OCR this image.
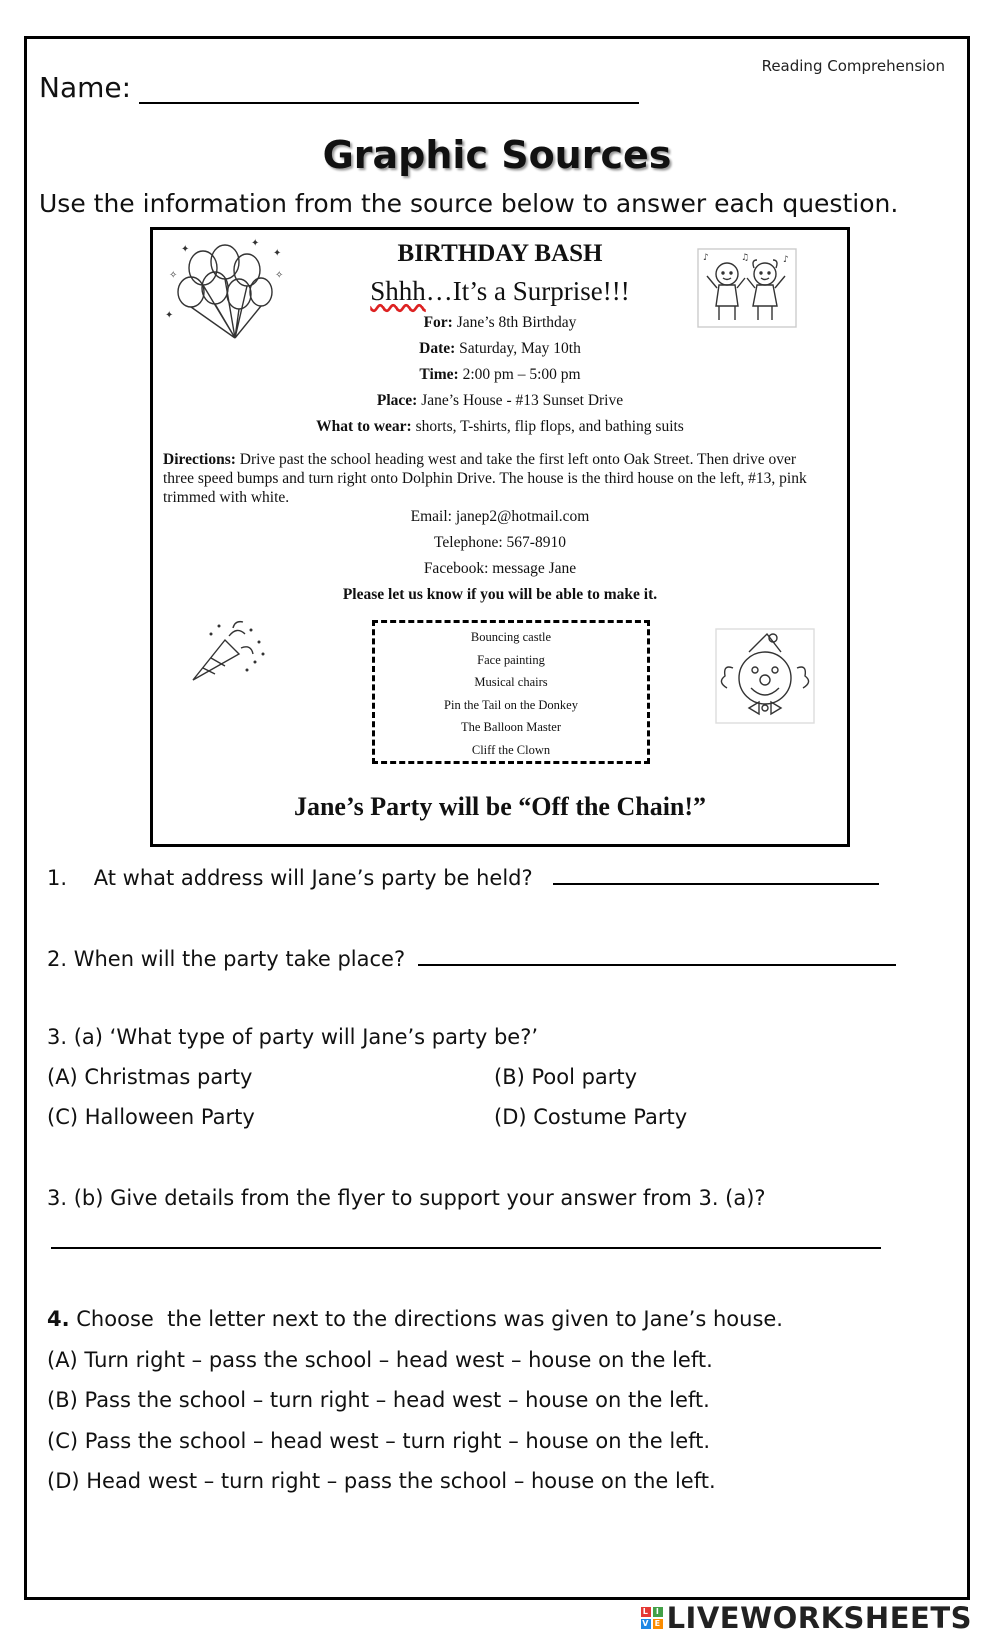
Reading Comprehension
Name:
Graphic Sources
Use the information from the source below to answer each question.
✦	✦
✧	✧
✦
✦
♪	♫	♪
BIRTHDAY BASH
Shhh…It’s a Surprise!!!
For: Jane’s 8th Birthday
Date: Saturday, May 10th
Time: 2:00 pm – 5:00 pm
Place: Jane’s House - #13 Sunset Drive
What to wear: shorts, T-shirts, flip flops, and bathing suits
Directions: Drive past the school heading west and take the first left onto Oak Street. Then drive over three speed bumps and turn right onto Dolphin Drive. The house is the third house on the left, #13, pink trimmed with white.
Email: janep2@hotmail.com
Telephone: 567-8910
Facebook: message Jane
Please let us know if you will be able to make it.
Bouncing castle
Face painting
Musical chairs
Pin the Tail on the Donkey
The Balloon Master
Cliff the Clown
Jane’s Party will be “Off the Chain!”
1.    At what address will Jane’s party be held?
2. When will the party take place?
3. (a) ‘What type of party will Jane’s party be?’
(A) Christmas party	(B) Pool party
(C) Halloween Party	(D) Costume Party
3. (b) Give details from the flyer to support your answer from 3. (a)?
4. Choose  the letter next to the directions was given to Jane’s house.
(A) Turn right – pass the school – head west – house on the left.
(B) Pass the school – turn right – head west – house on the left.
(C) Pass the school – head west – turn right – house on the left.
(D) Head west – turn right – pass the school – house on the left.
L I
V E LIVEWORKSHEETS
